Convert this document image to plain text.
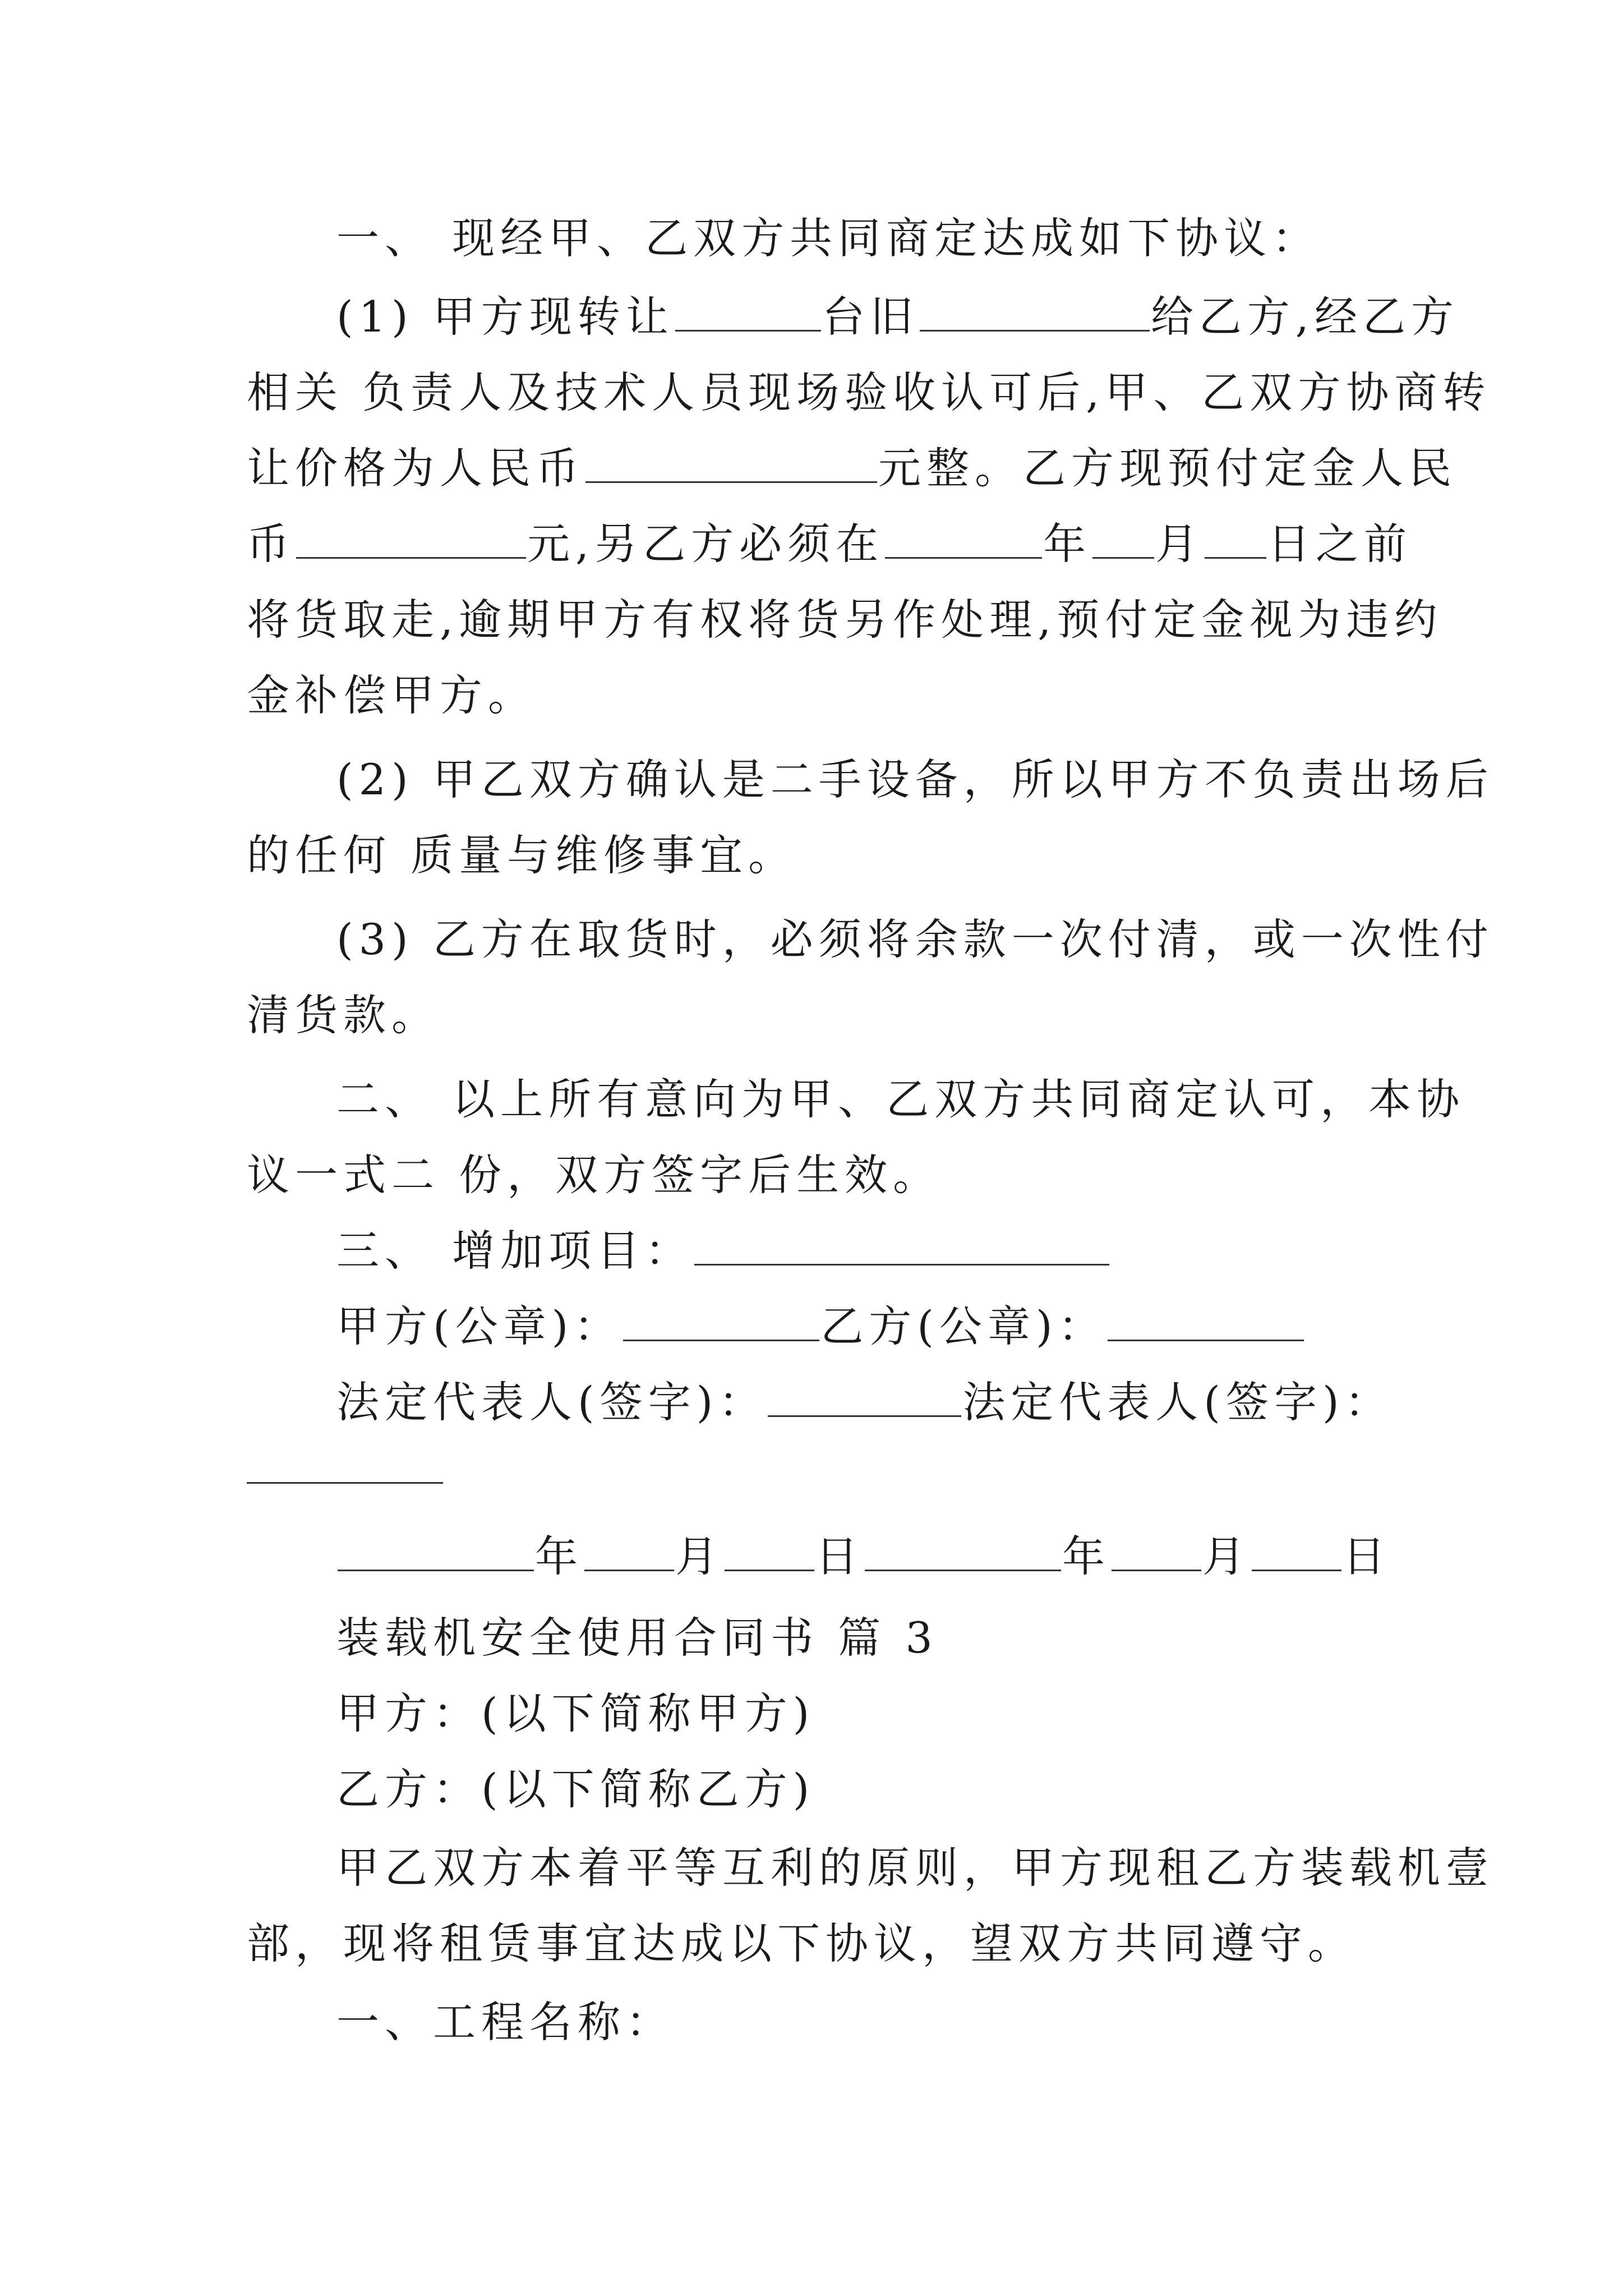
一、 现经甲、乙双方共同商定达成如下协议：
(1) 甲方现转让	台旧	给乙方,经乙方
相关 负责人及技术人员现场验收认可后,甲、乙双方协商转
让价格为人民币	元整。乙方现预付定金人民
币	元,另乙方必须在	年 月 日之前
将货取走,逾期甲方有权将货另作处理,预付定金视为违约
金补偿甲方。
(2) 甲乙双方确认是二手设备，所以甲方不负责出场后
的任何 质量与维修事宜。
(3) 乙方在取货时，必须将余款一次付清，或一次性付
清货款。
二、 以上所有意向为甲、乙双方共同商定认可，本协
议一式二 份，双方签字后生效。
三、 增加项目：
甲方(公章)：	乙方(公章)：
法定代表人(签字)：	法定代表人(签字)：
年 月 日	年 月 日
装载机安全使用合同书 篇 3
甲方：(以下简称甲方)
乙方：(以下简称乙方)
甲乙双方本着平等互利的原则，甲方现租乙方装载机壹
部，现将租赁事宜达成以下协议，望双方共同遵守。
一、工程名称：
